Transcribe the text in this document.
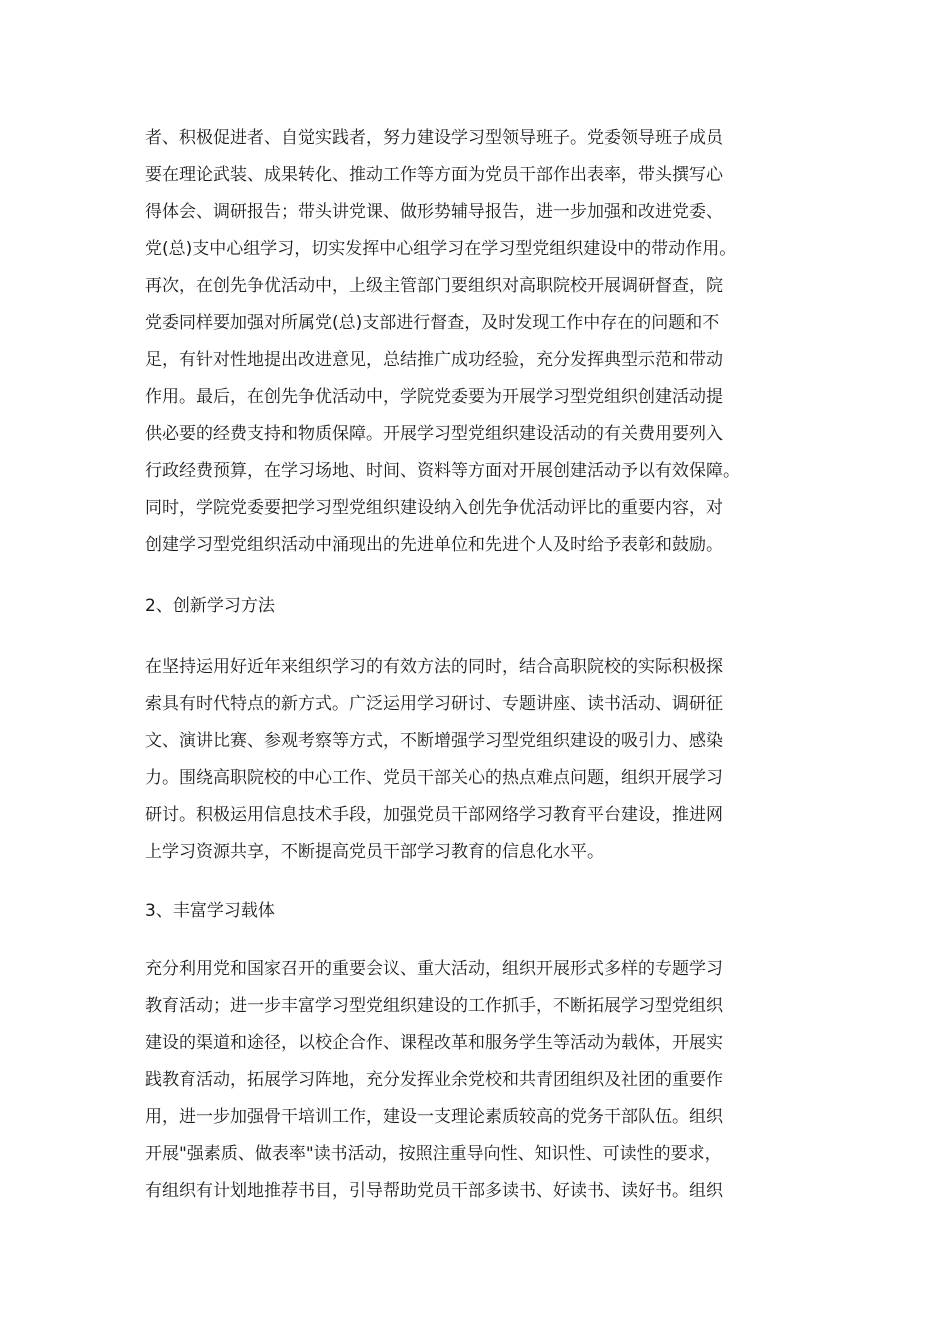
者、积极促进者、自觉实践者，努力建设学习型领导班子。党委领导班子成员
要在理论武装、成果转化、推动工作等方面为党员干部作出表率，带头撰写心
得体会、调研报告；带头讲党课、做形势辅导报告，进一步加强和改进党委、
党(总)支中心组学习，切实发挥中心组学习在学习型党组织建设中的带动作用。
再次，在创先争优活动中，上级主管部门要组织对高职院校开展调研督查，院
党委同样要加强对所属党(总)支部进行督查，及时发现工作中存在的问题和不
足，有针对性地提出改进意见，总结推广成功经验，充分发挥典型示范和带动
作用。最后，在创先争优活动中，学院党委要为开展学习型党组织创建活动提
供必要的经费支持和物质保障。开展学习型党组织建设活动的有关费用要列入
行政经费预算，在学习场地、时间、资料等方面对开展创建活动予以有效保障。
同时，学院党委要把学习型党组织建设纳入创先争优活动评比的重要内容，对
创建学习型党组织活动中涌现出的先进单位和先进个人及时给予表彰和鼓励。
2、创新学习方法
在坚持运用好近年来组织学习的有效方法的同时，结合高职院校的实际积极探
索具有时代特点的新方式。广泛运用学习研讨、专题讲座、读书活动、调研征
文、演讲比赛、参观考察等方式，不断增强学习型党组织建设的吸引力、感染
力。围绕高职院校的中心工作、党员干部关心的热点难点问题，组织开展学习
研讨。积极运用信息技术手段，加强党员干部网络学习教育平台建设，推进网
上学习资源共享，不断提高党员干部学习教育的信息化水平。
3、丰富学习载体
充分利用党和国家召开的重要会议、重大活动，组织开展形式多样的专题学习
教育活动；进一步丰富学习型党组织建设的工作抓手，不断拓展学习型党组织
建设的渠道和途径，以校企合作、课程改革和服务学生等活动为载体，开展实
践教育活动，拓展学习阵地，充分发挥业余党校和共青团组织及社团的重要作
用，进一步加强骨干培训工作，建设一支理论素质较高的党务干部队伍。组织
开展"强素质、做表率"读书活动，按照注重导向性、知识性、可读性的要求，
有组织有计划地推荐书目，引导帮助党员干部多读书、好读书、读好书。组织
